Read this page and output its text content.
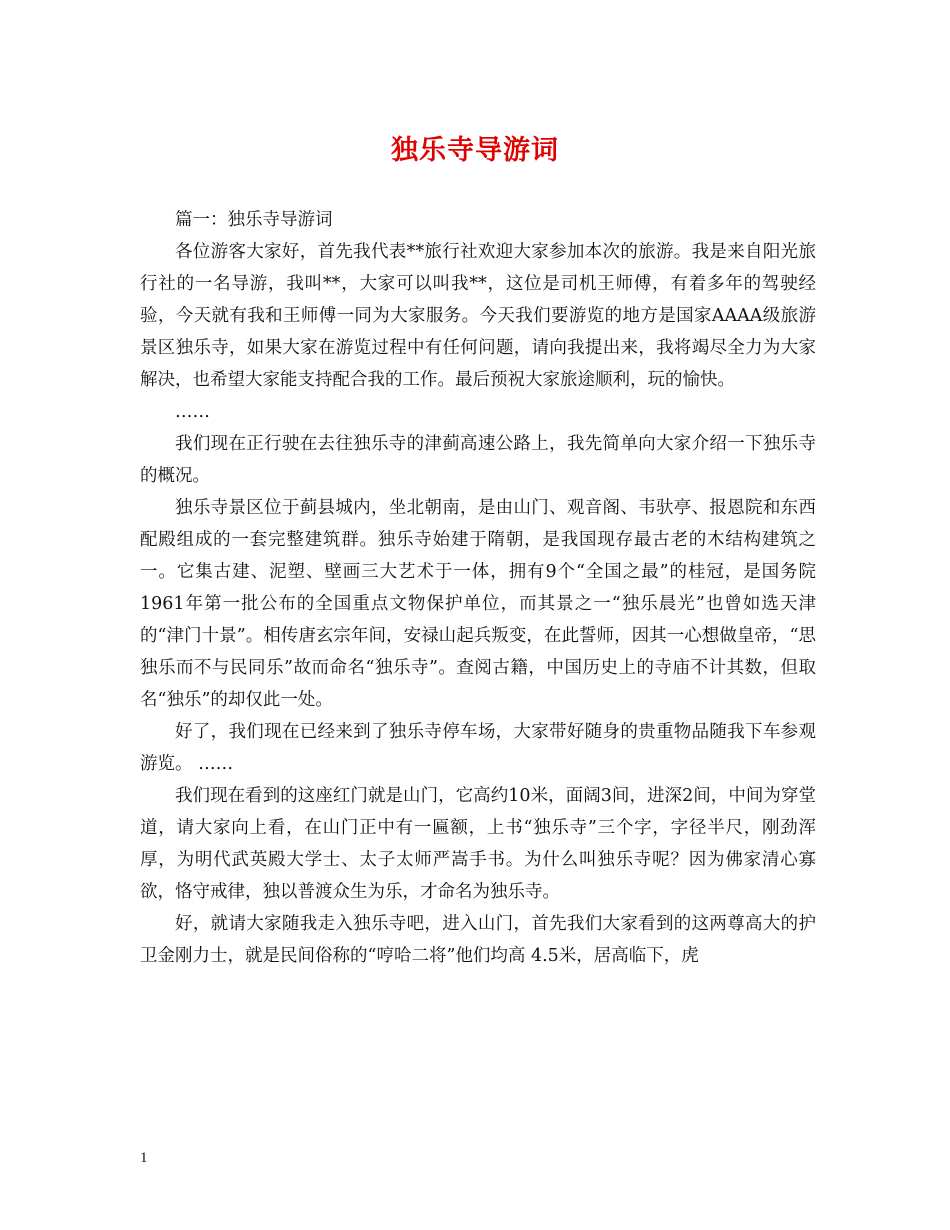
独乐寺导游词

篇一：独乐寺导游词

各位游客大家好，首先我代表**旅行社欢迎大家参加本次的旅游。我是来自阳光旅行社的一名导游，我叫**，大家可以叫我**，这位是司机王师傅，有着多年的驾驶经验，今天就有我和王师傅一同为大家服务。今天我们要游览的地方是国家AAAA级旅游景区独乐寺，如果大家在游览过程中有任何问题，请向我提出来，我将竭尽全力为大家解决，也希望大家能支持配合我的工作。最后预祝大家旅途顺利，玩的愉快。

……

我们现在正行驶在去往独乐寺的津蓟高速公路上，我先简单向大家介绍一下独乐寺的概况。

独乐寺景区位于蓟县城内，坐北朝南，是由山门、观音阁、韦驮亭、报恩院和东西配殿组成的一套完整建筑群。独乐寺始建于隋朝，是我国现存最古老的木结构建筑之一。它集古建、泥塑、壁画三大艺术于一体，拥有9个“全国之最”的桂冠，是国务院1961年第一批公布的全国重点文物保护单位，而其景之一“独乐晨光”也曾如选天津的“津门十景”。相传唐玄宗年间，安禄山起兵叛变，在此誓师，因其一心想做皇帝，“思独乐而不与民同乐”故而命名“独乐寺”。查阅古籍，中国历史上的寺庙不计其数，但取名“独乐”的却仅此一处。

好了，我们现在已经来到了独乐寺停车场，大家带好随身的贵重物品随我下车参观游览。 ……

我们现在看到的这座红门就是山门，它高约10米，面阔3间，进深2间，中间为穿堂道，请大家向上看，在山门正中有一匾额，上书“独乐寺”三个字，字径半尺，刚劲浑厚，为明代武英殿大学士、太子太师严嵩手书。为什么叫独乐寺呢？因为佛家清心寡欲，恪守戒律，独以普渡众生为乐，才命名为独乐寺。

好，就请大家随我走入独乐寺吧，进入山门，首先我们大家看到的这两尊高大的护卫金刚力士，就是民间俗称的“哼哈二将”他们均高 4.5米，居高临下，虎

1
